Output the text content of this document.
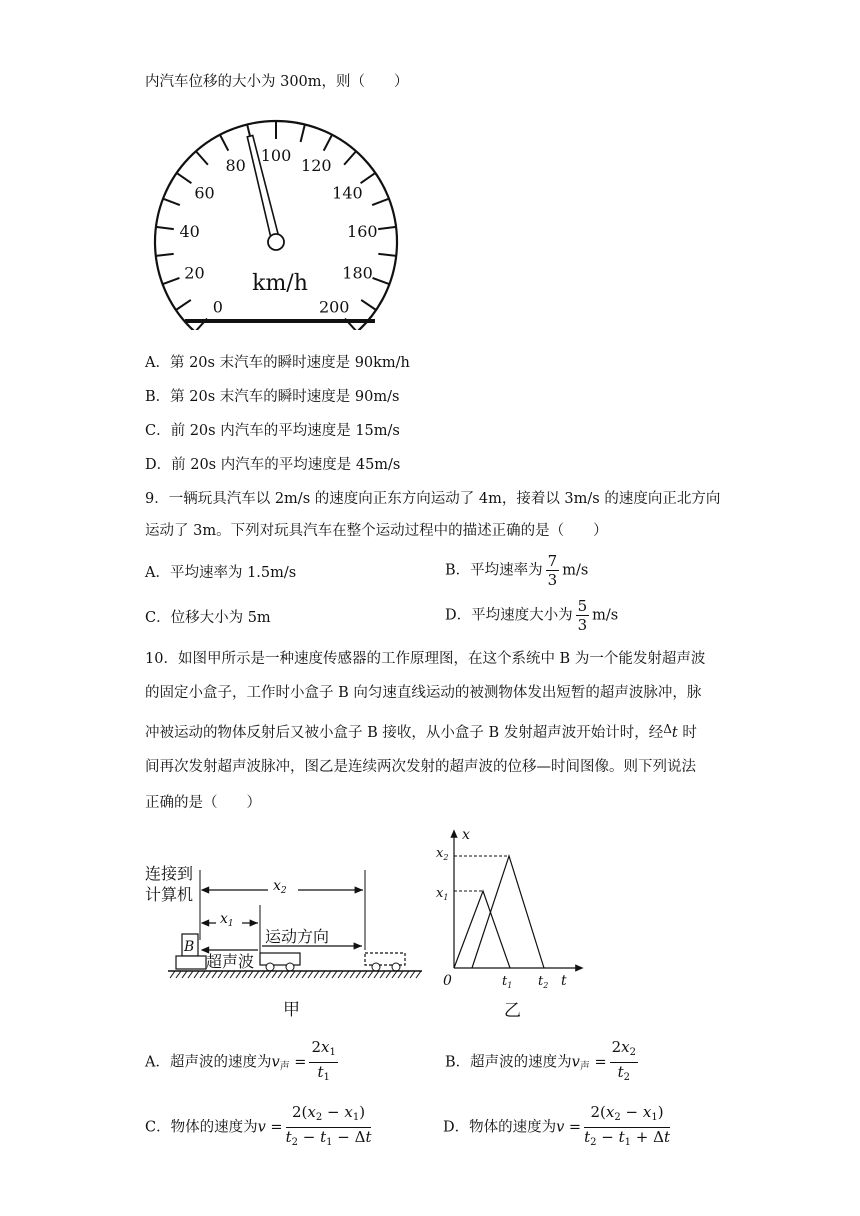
内汽车位移的大小为 300m，则（　　）
0
20
40
60
80
100
120
140
160
180
200
km/h
A．第 20s 末汽车的瞬时速度是 90km/h
B．第 20s 末汽车的瞬时速度是 90m/s
C．前 20s 内汽车的平均速度是 15m/s
D．前 20s 内汽车的平均速度是 45m/s
9．一辆玩具汽车以 2m/s 的速度向正东方向运动了 4m，接着以 3m/s 的速度向正北方向
运动了 3m。下列对玩具汽车在整个运动过程中的描述正确的是（　　）
A．平均速率为 1.5m/s	B．平均速率为 $\frac{7}{3} m/s$
C．位移大小为 5m	D．平均速度大小为 $\frac{5}{3} m/s$
10．如图甲所示是一种速度传感器的工作原理图，在这个系统中 B 为一个能发射超声波
的固定小盒子，工作时小盒子 B 向匀速直线运动的被测物体发出短暂的超声波脉冲，脉
冲被运动的物体反射后又被小盒子 B 接收，从小盒子 B 发射超声波开始计时，经$^\Delta$t 时
间再次发射超声波脉冲，图乙是连续两次发射的超声波的位移—时间图像。则下列说法
正确的是（　　）
连接到
计算机	$x_2$
$x_1$
运动方向
B
超声波
甲
x
t
0
$x_2$
$x_1$
$t_1$ $t_2$
乙
A．超声波的速度为$v_声 = \frac{2x_1}{t_1}$	B．超声波的速度为$v_声 = \frac{2x_2}{t_2}$
C．物体的速度为$v = \frac{2(x_2 - x_1)}{t_2 - t_1 - \Delta t}$	D．物体的速度为$v = \frac{2(x_2 - x_1)}{t_2 - t_1 + \Delta t}$
